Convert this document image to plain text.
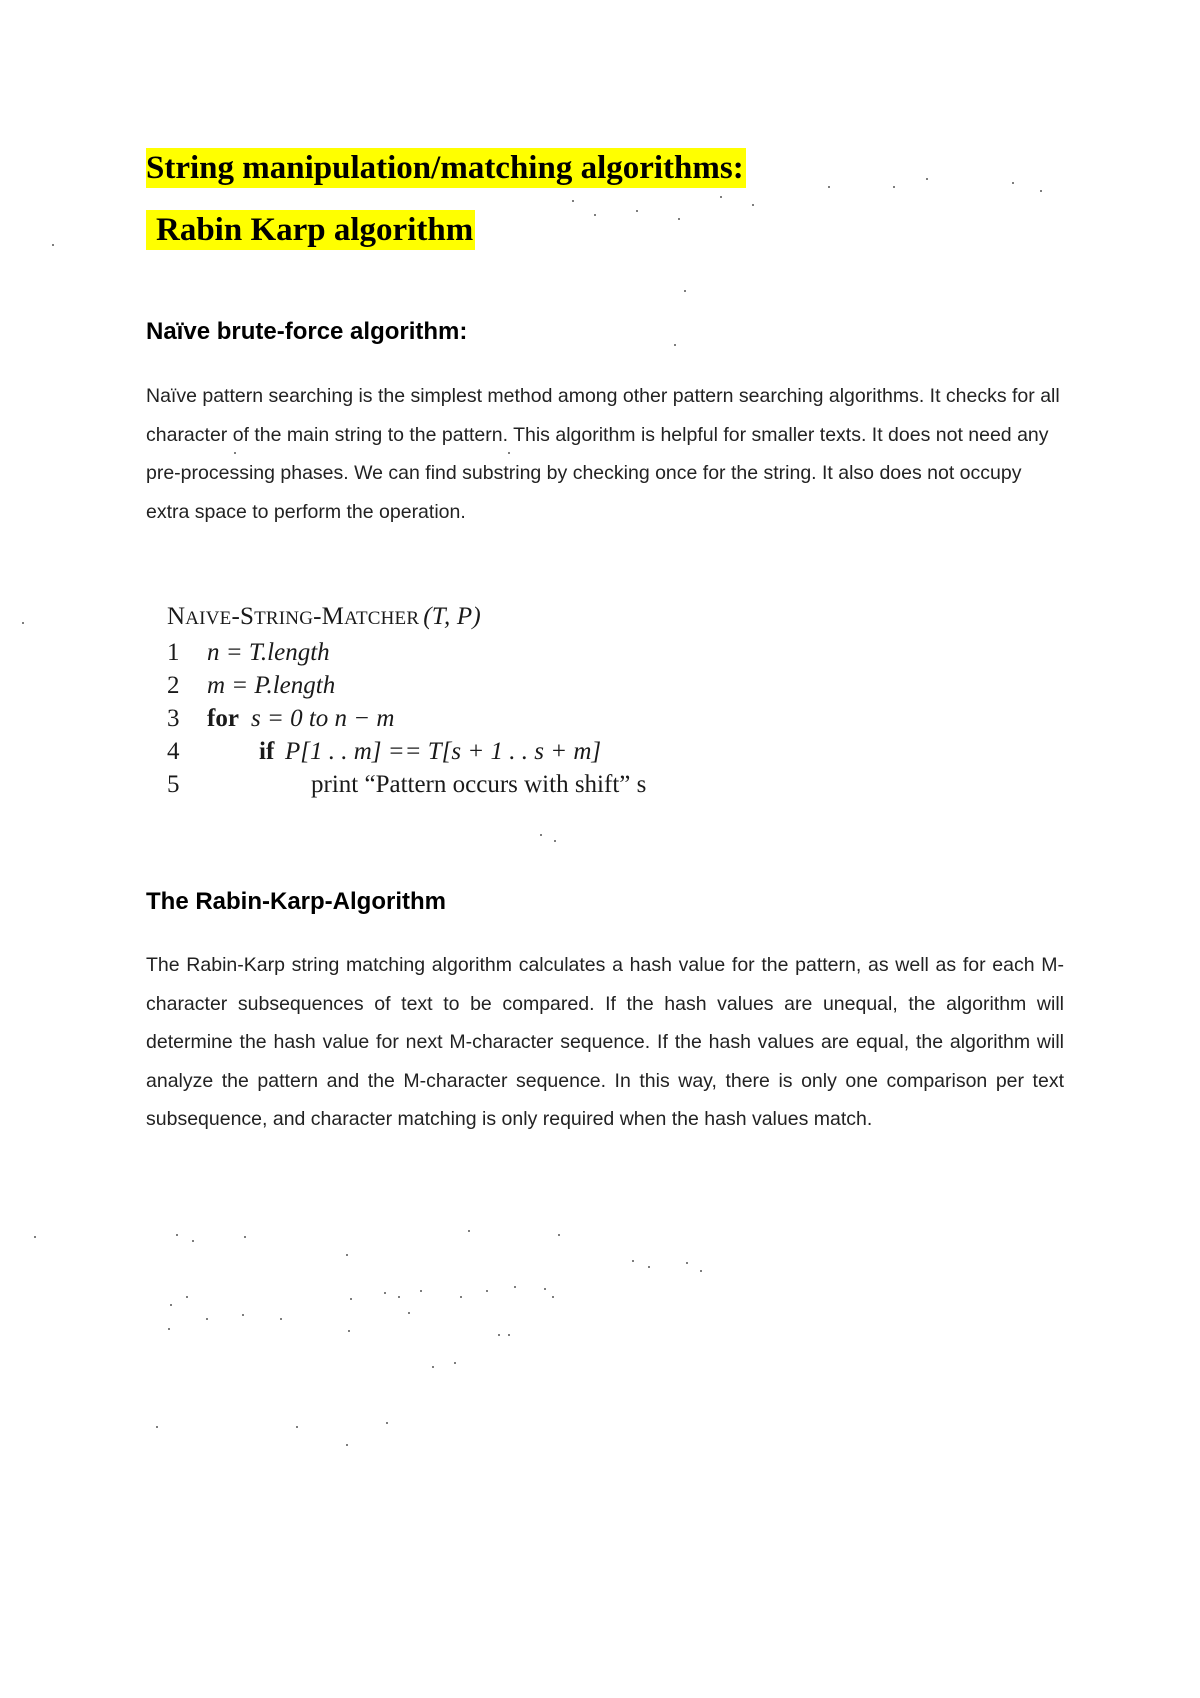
String manipulation/matching algorithms:
Rabin Karp algorithm
Naïve brute-force algorithm:
Naïve pattern searching is the simplest method among other pattern searching algorithms. It checks for all character of the main string to the pattern. This algorithm is helpful for smaller texts. It does not need any pre-processing phases. We can find substring by checking once for the string. It also does not occupy extra space to perform the operation.
NAIVE-STRING-MATCHER (T, P)
1	n = T.length
2	m = P.length
3	for s = 0 to n − m
4	if P[1 . . m] == T[s + 1 . . s + m]
5	print “Pattern occurs with shift” s
The Rabin-Karp-Algorithm
The Rabin-Karp string matching algorithm calculates a hash value for the pattern, as well as for each M-character subsequences of text to be compared. If the hash values are unequal, the algorithm will determine the hash value for next M-character sequence. If the hash values are equal, the algorithm will analyze the pattern and the M-character sequence. In this way, there is only one comparison per text subsequence, and character matching is only required when the hash values match.
